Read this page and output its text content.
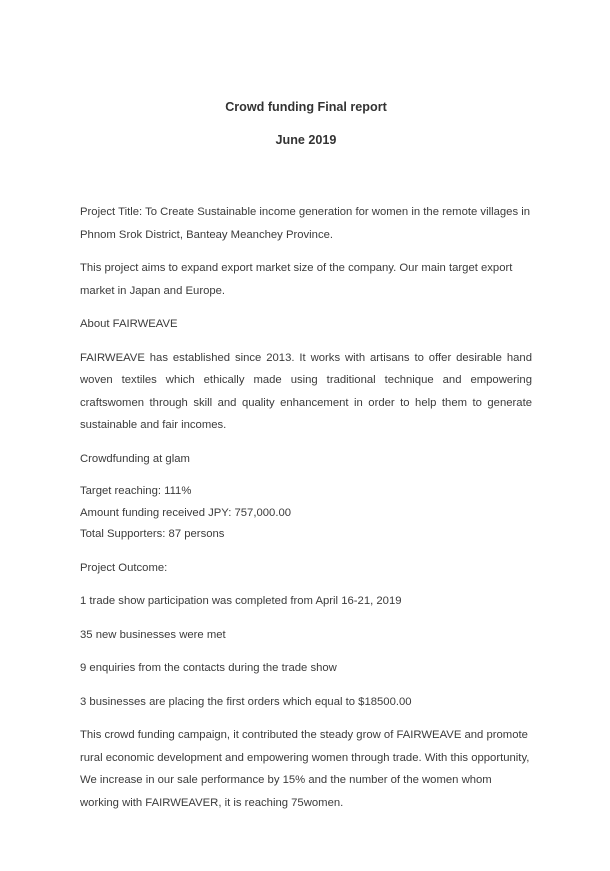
Crowd funding Final report
June 2019

Project Title: To Create Sustainable income generation for women in the remote villages in Phnom Srok District, Banteay Meanchey Province.

This project aims to expand export market size of the company. Our main target export market in Japan and Europe.

About FAIRWEAVE

FAIRWEAVE has established since 2013. It works with artisans to offer desirable hand woven textiles which ethically made using traditional technique and empowering craftswomen through skill and quality enhancement in order to help them to generate sustainable and fair incomes.

Crowdfunding at glam

Target reaching: 111%
Amount funding received JPY: 757,000.00
Total Supporters: 87 persons

Project Outcome:

1 trade show participation was completed from April 16-21, 2019

35 new businesses were met

9 enquiries from the contacts during the trade show

3 businesses are placing the first orders which equal to $18500.00

This crowd funding campaign, it contributed the steady grow of FAIRWEAVE and promote rural economic development and empowering women through trade. With this opportunity, We increase in our sale performance by 15% and the number of the women whom working with FAIRWEAVER, it is reaching 75women.
